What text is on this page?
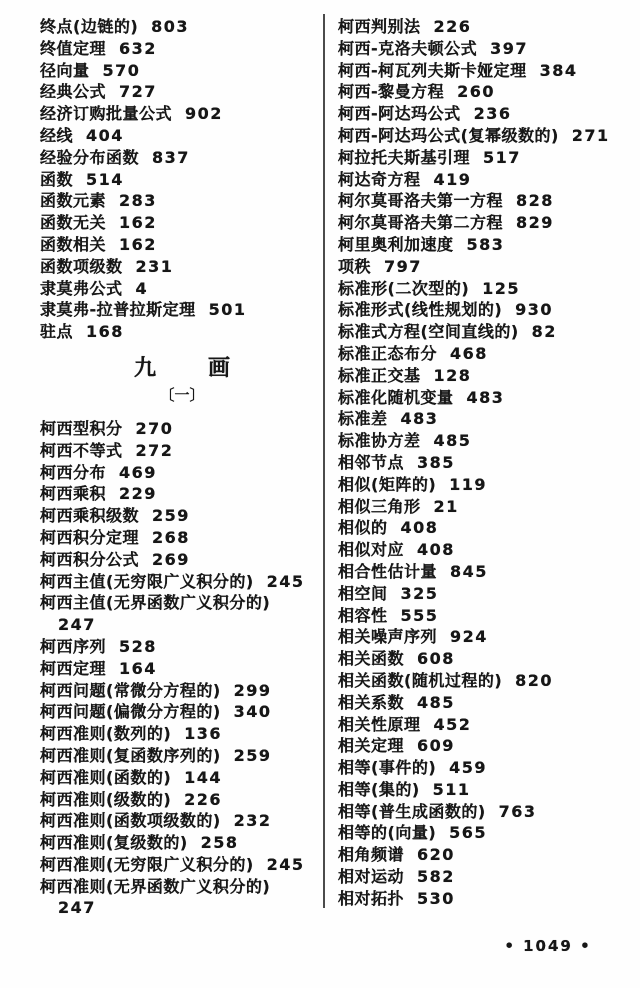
终点(边链的) 803
终值定理 632
径向量 570
经典公式 727
经济订购批量公式 902
经线 404
经验分布函数 837
函数 514
函数元素 283
函数无关 162
函数相关 162
函数项级数 231
隶莫弗公式 4
隶莫弗-拉普拉斯定理 501
驻点 168
九 画
〔一〕
柯西型积分 270
柯西不等式 272
柯西分布 469
柯西乘积 229
柯西乘积级数 259
柯西积分定理 268
柯西积分公式 269
柯西主值(无穷限广义积分的) 245
柯西主值(无界函数广义积分的)
247
柯西序列 528
柯西定理 164
柯西问题(常微分方程的) 299
柯西问题(偏微分方程的) 340
柯西准则(数列的) 136
柯西准则(复函数序列的) 259
柯西准则(函数的) 144
柯西准则(级数的) 226
柯西准则(函数项级数的) 232
柯西准则(复级数的) 258
柯西准则(无穷限广义积分的) 245
柯西准则(无界函数广义积分的)
247
柯西判别法 226
柯西-克洛夫顿公式 397
柯西-柯瓦列夫斯卡娅定理 384
柯西-黎曼方程 260
柯西-阿达玛公式 236
柯西-阿达玛公式(复幂级数的) 271
柯拉托夫斯基引理 517
柯达奇方程 419
柯尔莫哥洛夫第一方程 828
柯尔莫哥洛夫第二方程 829
柯里奥利加速度 583
项秩 797
标准形(二次型的) 125
标准形式(线性规划的) 930
标准式方程(空间直线的) 82
标准正态布分 468
标准正交基 128
标准化随机变量 483
标准差 483
标准协方差 485
相邻节点 385
相似(矩阵的) 119
相似三角形 21
相似的 408
相似对应 408
相合性估计量 845
相空间 325
相容性 555
相关噪声序列 924
相关函数 608
相关函数(随机过程的) 820
相关系数 485
相关性原理 452
相关定理 609
相等(事件的) 459
相等(集的) 511
相等(普生成函数的) 763
相等的(向量) 565
相角频谱 620
相对运动 582
相对拓扑 530
• 1049 •
